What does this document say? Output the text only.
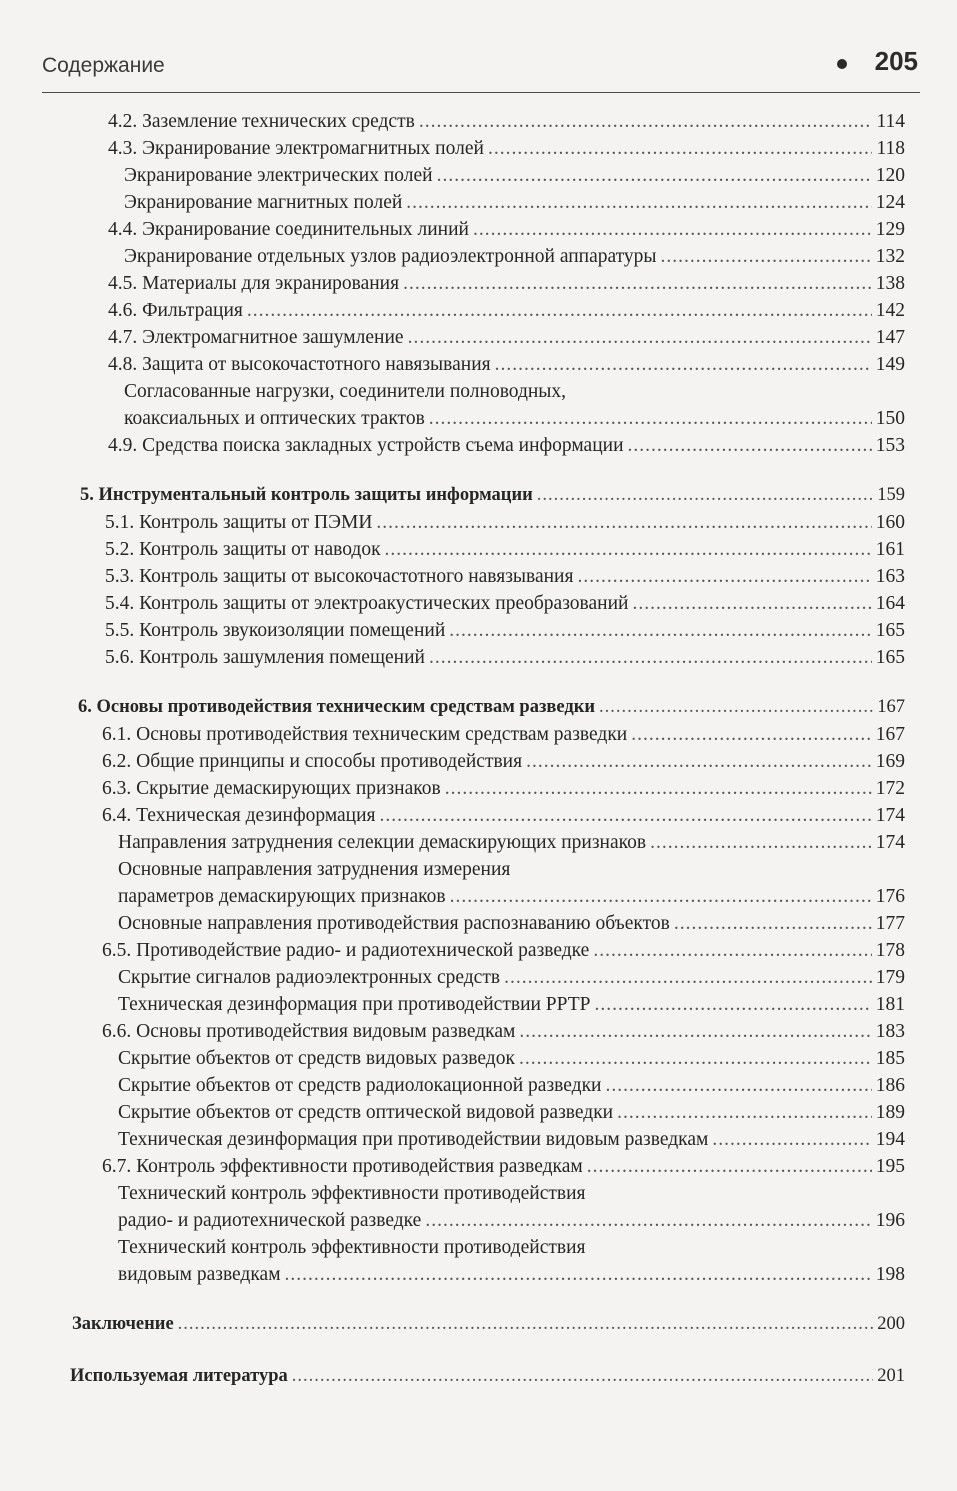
Содержание	205
4.2. Заземление технических средств .....	114
4.3. Экранирование электромагнитных полей .....	118
Экранирование электрических полей .....	120
Экранирование магнитных полей .....	124
4.4. Экранирование соединительных линий .....	129
Экранирование отдельных узлов радиоэлектронной аппаратуры .....	132
4.5. Материалы для экранирования .....	138
4.6. Фильтрация .....	142
4.7. Электромагнитное зашумление .....	147
4.8. Защита от высокочастотного навязывания .....	149
Согласованные нагрузки, соединители полноводных,
коаксиальных и оптических трактов .....	150
4.9. Средства поиска закладных устройств съема информации .....	153
5. Инструментальный контроль защиты информации .....	159
5.1. Контроль защиты от ПЭМИ .....	160
5.2. Контроль защиты от наводок .....	161
5.3. Контроль защиты от высокочастотного навязывания .....	163
5.4. Контроль защиты от электроакустических преобразований .....	164
5.5. Контроль звукоизоляции помещений .....	165
5.6. Контроль зашумления помещений .....	165
6. Основы противодействия техническим средствам разведки .....	167
6.1. Основы противодействия техническим средствам разведки .....	167
6.2. Общие принципы и способы противодействия .....	169
6.3. Скрытие демаскирующих признаков .....	172
6.4. Техническая дезинформация .....	174
Направления затруднения селекции демаскирующих признаков .....	174
Основные направления затруднения измерения
параметров демаскирующих признаков .....	176
Основные направления противодействия распознаванию объектов .....	177
6.5. Противодействие радио- и радиотехнической разведке .....	178
Скрытие сигналов радиоэлектронных средств .....	179
Техническая дезинформация при противодействии РРТР .....	181
6.6. Основы противодействия видовым разведкам .....	183
Скрытие объектов от средств видовых разведок .....	185
Скрытие объектов от средств радиолокационной разведки .....	186
Скрытие объектов от средств оптической видовой разведки .....	189
Техническая дезинформация при противодействии видовым разведкам .....	194
6.7. Контроль эффективности противодействия разведкам .....	195
Технический контроль эффективности противодействия
радио- и радиотехнической разведке .....	196
Технический контроль эффективности противодействия
видовым разведкам .....	198
Заключение .....	200
Используемая литература .....	201
